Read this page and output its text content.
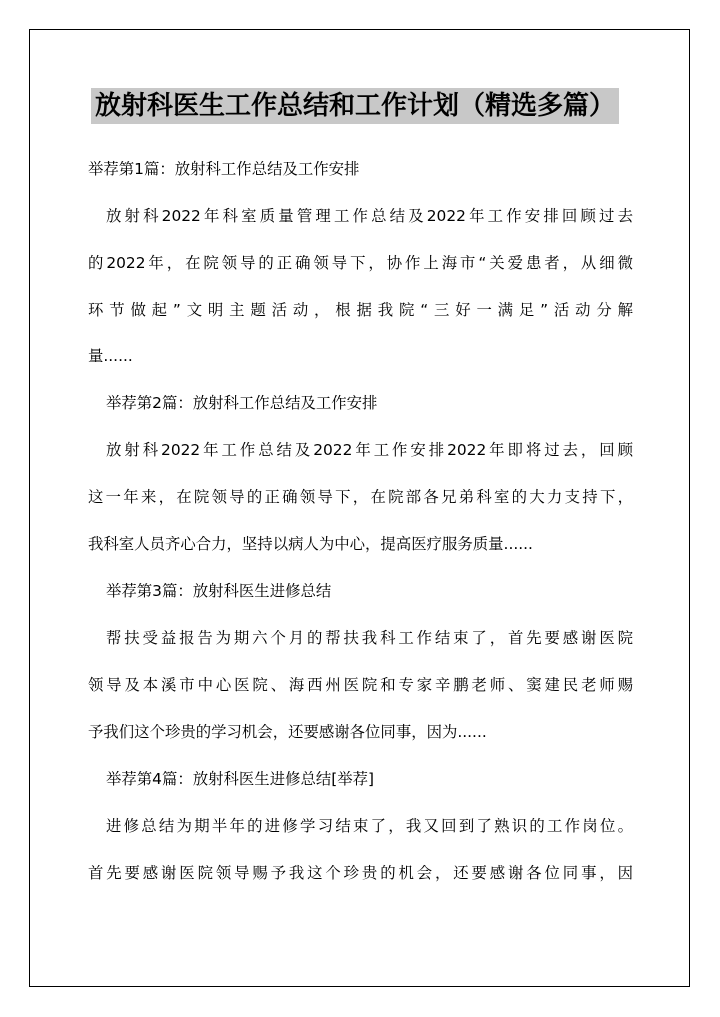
放射科医生工作总结和工作计划（精选多篇）
举荐第1篇：放射科工作总结及工作安排
放射科2022年科室质量管理工作总结及2022年工作安排回顾过去
的2022年，在院领导的正确领导下，协作上海市“关爱患者，从细微
环节做起”文明主题活动，根据我院“三好一满足”活动分解
量......
举荐第2篇：放射科工作总结及工作安排
放射科2022年工作总结及2022年工作安排2022年即将过去，回顾
这一年来，在院领导的正确领导下，在院部各兄弟科室的大力支持下，
我科室人员齐心合力，坚持以病人为中心，提高医疗服务质量......
举荐第3篇：放射科医生进修总结
帮扶受益报告为期六个月的帮扶我科工作结束了，首先要感谢医院
领导及本溪市中心医院、海西州医院和专家辛鹏老师、窦建民老师赐
予我们这个珍贵的学习机会，还要感谢各位同事，因为......
举荐第4篇：放射科医生进修总结[举荐]
进修总结为期半年的进修学习结束了，我又回到了熟识的工作岗位。
首先要感谢医院领导赐予我这个珍贵的机会，还要感谢各位同事，因
